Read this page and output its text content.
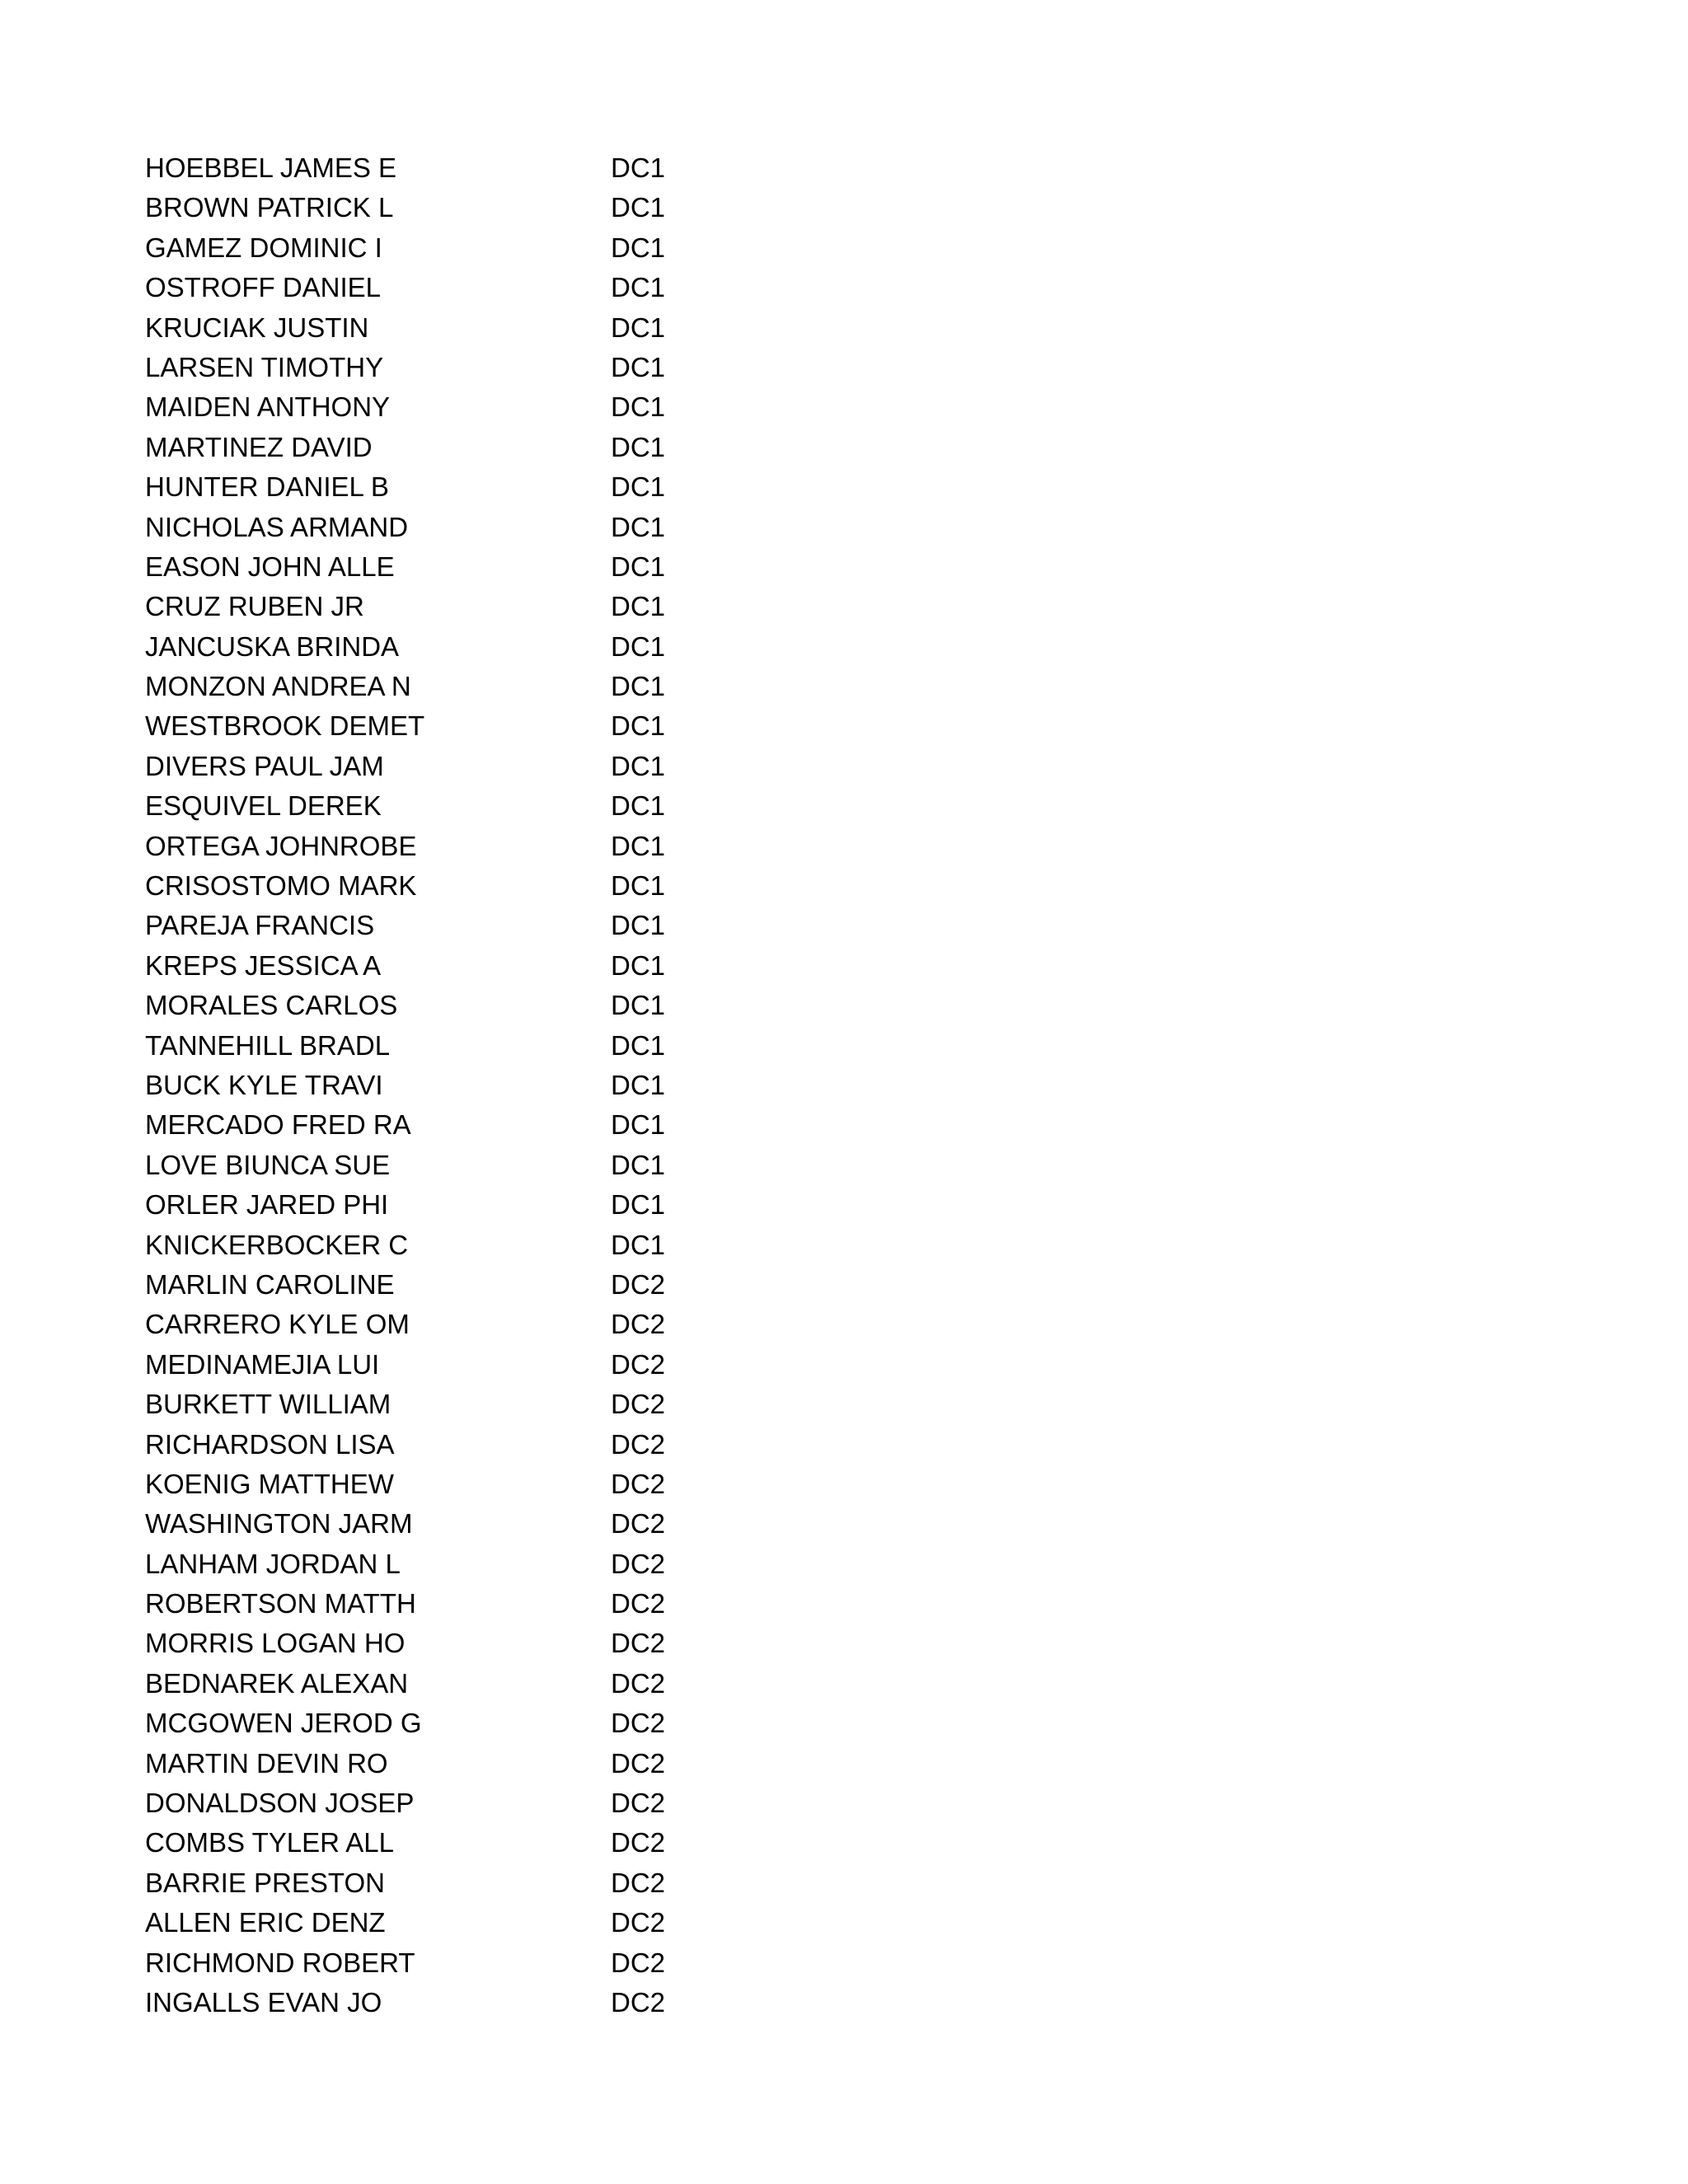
HOEBBEL JAMES E	DC1
BROWN PATRICK L	DC1
GAMEZ DOMINIC I	DC1
OSTROFF DANIEL	DC1
KRUCIAK JUSTIN	DC1
LARSEN TIMOTHY	DC1
MAIDEN ANTHONY	DC1
MARTINEZ DAVID	DC1
HUNTER DANIEL B	DC1
NICHOLAS ARMAND	DC1
EASON JOHN ALLE	DC1
CRUZ RUBEN JR	DC1
JANCUSKA BRINDA	DC1
MONZON ANDREA N	DC1
WESTBROOK DEMET	DC1
DIVERS PAUL JAM	DC1
ESQUIVEL DEREK	DC1
ORTEGA JOHNROBE	DC1
CRISOSTOMO MARK	DC1
PAREJA FRANCIS	DC1
KREPS JESSICA A	DC1
MORALES CARLOS	DC1
TANNEHILL BRADL	DC1
BUCK KYLE TRAVI	DC1
MERCADO FRED RA	DC1
LOVE BIUNCA SUE	DC1
ORLER JARED PHI	DC1
KNICKERBOCKER C	DC1
MARLIN CAROLINE	DC2
CARRERO KYLE OM	DC2
MEDINAMEJIA LUI	DC2
BURKETT WILLIAM	DC2
RICHARDSON LISA	DC2
KOENIG MATTHEW	DC2
WASHINGTON JARM	DC2
LANHAM JORDAN L	DC2
ROBERTSON MATTH	DC2
MORRIS LOGAN HO	DC2
BEDNAREK ALEXAN	DC2
MCGOWEN JEROD G	DC2
MARTIN DEVIN RO	DC2
DONALDSON JOSEP	DC2
COMBS TYLER ALL	DC2
BARRIE PRESTON	DC2
ALLEN ERIC DENZ	DC2
RICHMOND ROBERT	DC2
INGALLS EVAN JO	DC2
